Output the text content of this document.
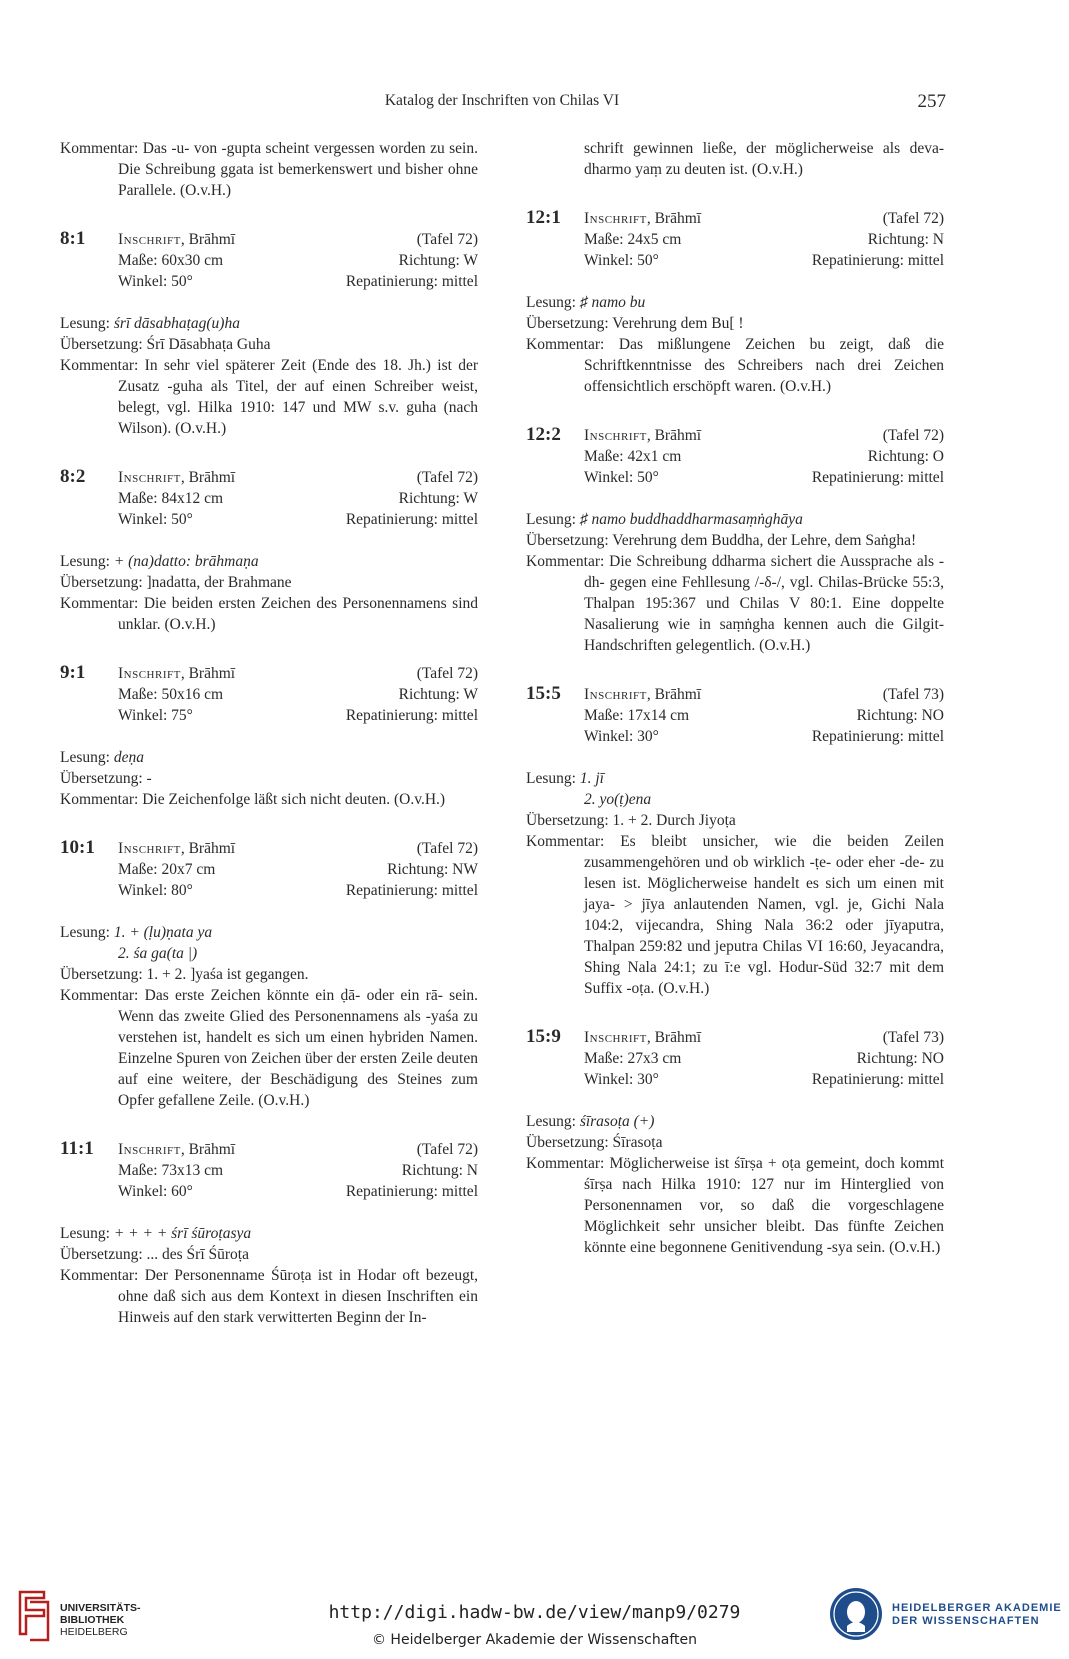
Katalog der Inschriften von Chilas VI	257

Kommentar: Das -u- von -gupta scheint vergessen worden zu sein. Die Schreibung ggata ist bemerkenswert und bisher ohne Parallele. (O.v.H.)

8:1	Inschrift, Brāhmī	(Tafel 72)
Maße: 60x30 cm	Richtung: W
Winkel: 50°	Repatinierung: mittel

Lesung: śrī dāsabhaṭag(u)ha

Übersetzung: Śrī Dāsabhaṭa Guha

Kommentar: In sehr viel späterer Zeit (Ende des 18. Jh.) ist der Zusatz -guha als Titel, der auf einen Schreiber weist, belegt, vgl. Hilka 1910: 147 und MW s.v. guha (nach Wilson). (O.v.H.)

8:2	Inschrift, Brāhmī	(Tafel 72)
Maße: 84x12 cm	Richtung: W
Winkel: 50°	Repatinierung: mittel

Lesung: + (na)datto: brāhmaṇa

Übersetzung: ]nadatta, der Brahmane

Kommentar: Die beiden ersten Zeichen des Personennamens sind unklar. (O.v.H.)

9:1	Inschrift, Brāhmī	(Tafel 72)
Maße: 50x16 cm	Richtung: W
Winkel: 75°	Repatinierung: mittel

Lesung: deṇa

Übersetzung: -

Kommentar: Die Zeichenfolge läßt sich nicht deuten. (O.v.H.)

10:1	Inschrift, Brāhmī	(Tafel 72)
Maße: 20x7 cm	Richtung: NW
Winkel: 80°	Repatinierung: mittel

Lesung: 1. + (ḷu)ṇata ya

2. śa ga(ta |)

Übersetzung: 1. + 2. ]yaśa ist gegangen.

Kommentar: Das erste Zeichen könnte ein ḍā- oder ein rā- sein. Wenn das zweite Glied des Personennamens als -yaśa zu verstehen ist, handelt es sich um einen hybriden Namen. Einzelne Spuren von Zeichen über der ersten Zeile deuten auf eine weitere, der Beschädigung des Steines zum Opfer gefallene Zeile. (O.v.H.)

11:1	Inschrift, Brāhmī	(Tafel 72)
Maße: 73x13 cm	Richtung: N
Winkel: 60°	Repatinierung: mittel

Lesung: + + + + śrī śūroṭasya

Übersetzung: ... des Śrī Śūroṭa

Kommentar: Der Personenname Śūroṭa ist in Hodar oft bezeugt, ohne daß sich aus dem Kontext in diesen Inschriften ein Hinweis auf den stark verwitterten Beginn der In-

schrift gewinnen ließe, der möglicherweise als deva-dharmo yaṃ zu deuten ist. (O.v.H.)

12:1	Inschrift, Brāhmī	(Tafel 72)
Maße: 24x5 cm	Richtung: N
Winkel: 50°	Repatinierung: mittel

Lesung: ♯ namo bu

Übersetzung: Verehrung dem Bu[ !

Kommentar: Das mißlungene Zeichen bu zeigt, daß die Schriftkenntnisse des Schreibers nach drei Zeichen offensichtlich erschöpft waren. (O.v.H.)

12:2	Inschrift, Brāhmī	(Tafel 72)
Maße: 42x1 cm	Richtung: O
Winkel: 50°	Repatinierung: mittel

Lesung: ♯ namo buddhaddharmasaṃṅghāya

Übersetzung: Verehrung dem Buddha, der Lehre, dem Saṅgha!

Kommentar: Die Schreibung ddharma sichert die Aussprache als -dh- gegen eine Fehllesung /-δ-/, vgl. Chilas-Brücke 55:3, Thalpan 195:367 und Chilas V 80:1. Eine doppelte Nasalierung wie in saṃṅgha kennen auch die Gilgit-Handschriften gelegentlich. (O.v.H.)

15:5	Inschrift, Brāhmī	(Tafel 73)
Maße: 17x14 cm	Richtung: NO
Winkel: 30°	Repatinierung: mittel

Lesung: 1. jī

2. yo(ṭ)ena

Übersetzung: 1. + 2. Durch Jiyoṭa

Kommentar: Es bleibt unsicher, wie die beiden Zeilen zusammengehören und ob wirklich -ṭe- oder eher -de- zu lesen ist. Möglicherweise handelt es sich um einen mit jaya- > jīya anlautenden Namen, vgl. je, Gichi Nala 104:2, vijecandra, Shing Nala 36:2 oder jīyaputra, Thalpan 259:82 und jeputra Chilas VI 16:60, Jeyacandra, Shing Nala 24:1; zu ī:e vgl. Hodur-Süd 32:7 mit dem Suffix -oṭa. (O.v.H.)

15:9	Inschrift, Brāhmī	(Tafel 73)
Maße: 27x3 cm	Richtung: NO
Winkel: 30°	Repatinierung: mittel

Lesung: śīrasoṭa (+)

Übersetzung: Śīrasoṭa

Kommentar: Möglicherweise ist śīrṣa + oṭa gemeint, doch kommt śīrṣa nach Hilka 1910: 127 nur im Hinterglied von Personennamen vor, so daß die vorgeschlagene Möglichkeit sehr unsicher bleibt. Das fünfte Zeichen könnte eine begonnene Genitivendung -sya sein. (O.v.H.)

UNIVERSITÄTS-
BIBLIOTHEK
HEIDELBERG
http://digi.hadw-bw.de/view/manp9/0279
© Heidelberger Akademie der Wissenschaften
HEIDELBERGER AKADEMIE
DER WISSENSCHAFTEN
